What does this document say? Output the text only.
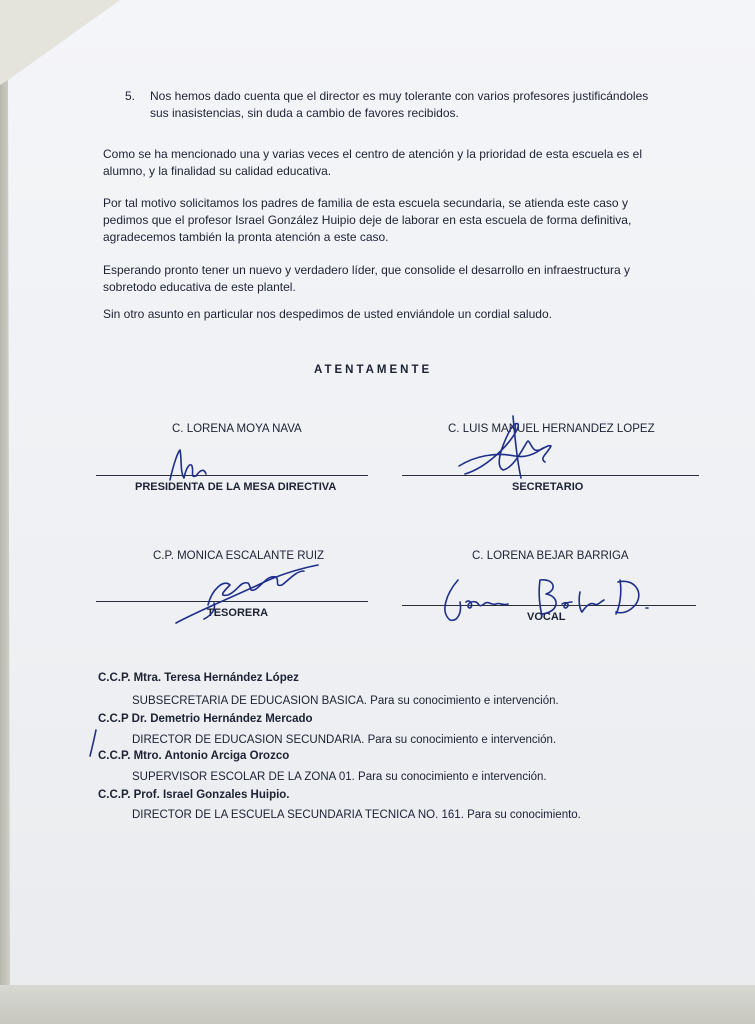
5. Nos hemos dado cuenta que el director es muy tolerante con varios profesores justificándoles sus inasistencias, sin duda a cambio de favores recibidos.
Como se ha mencionado una y varias veces el centro de atención y la prioridad de esta escuela es el alumno, y la finalidad su calidad educativa.
Por tal motivo solicitamos los padres de familia de esta escuela secundaria, se atienda este caso y pedimos que el profesor Israel González Huipio deje de laborar en esta escuela de forma definitiva, agradecemos también la pronta atención a este caso.
Esperando pronto tener un nuevo y verdadero líder, que consolide el desarrollo en infraestructura y sobretodo educativa de este plantel.
Sin otro asunto en particular nos despedimos de usted enviándole un cordial saludo.
ATENTAMENTE
C. LORENA MOYA NAVA
PRESIDENTA DE LA MESA DIRECTIVA
C. LUIS MANUEL HERNANDEZ LOPEZ
SECRETARIO
C.P. MONICA ESCALANTE RUIZ
TESORERA
C. LORENA BEJAR BARRIGA
VOCAL
C.C.P. Mtra. Teresa Hernández López
SUBSECRETARIA DE EDUCASION BASICA. Para su conocimiento e intervención.
C.C.P Dr. Demetrio Hernández Mercado
DIRECTOR DE EDUCASION SECUNDARIA. Para su conocimiento e intervención.
C.C.P. Mtro. Antonio Arciga Orozco
SUPERVISOR ESCOLAR DE LA ZONA 01. Para su conocimiento e intervención.
C.C.P. Prof. Israel Gonzales Huipio.
DIRECTOR DE LA ESCUELA SECUNDARIA TECNICA NO. 161. Para su conocimiento.
